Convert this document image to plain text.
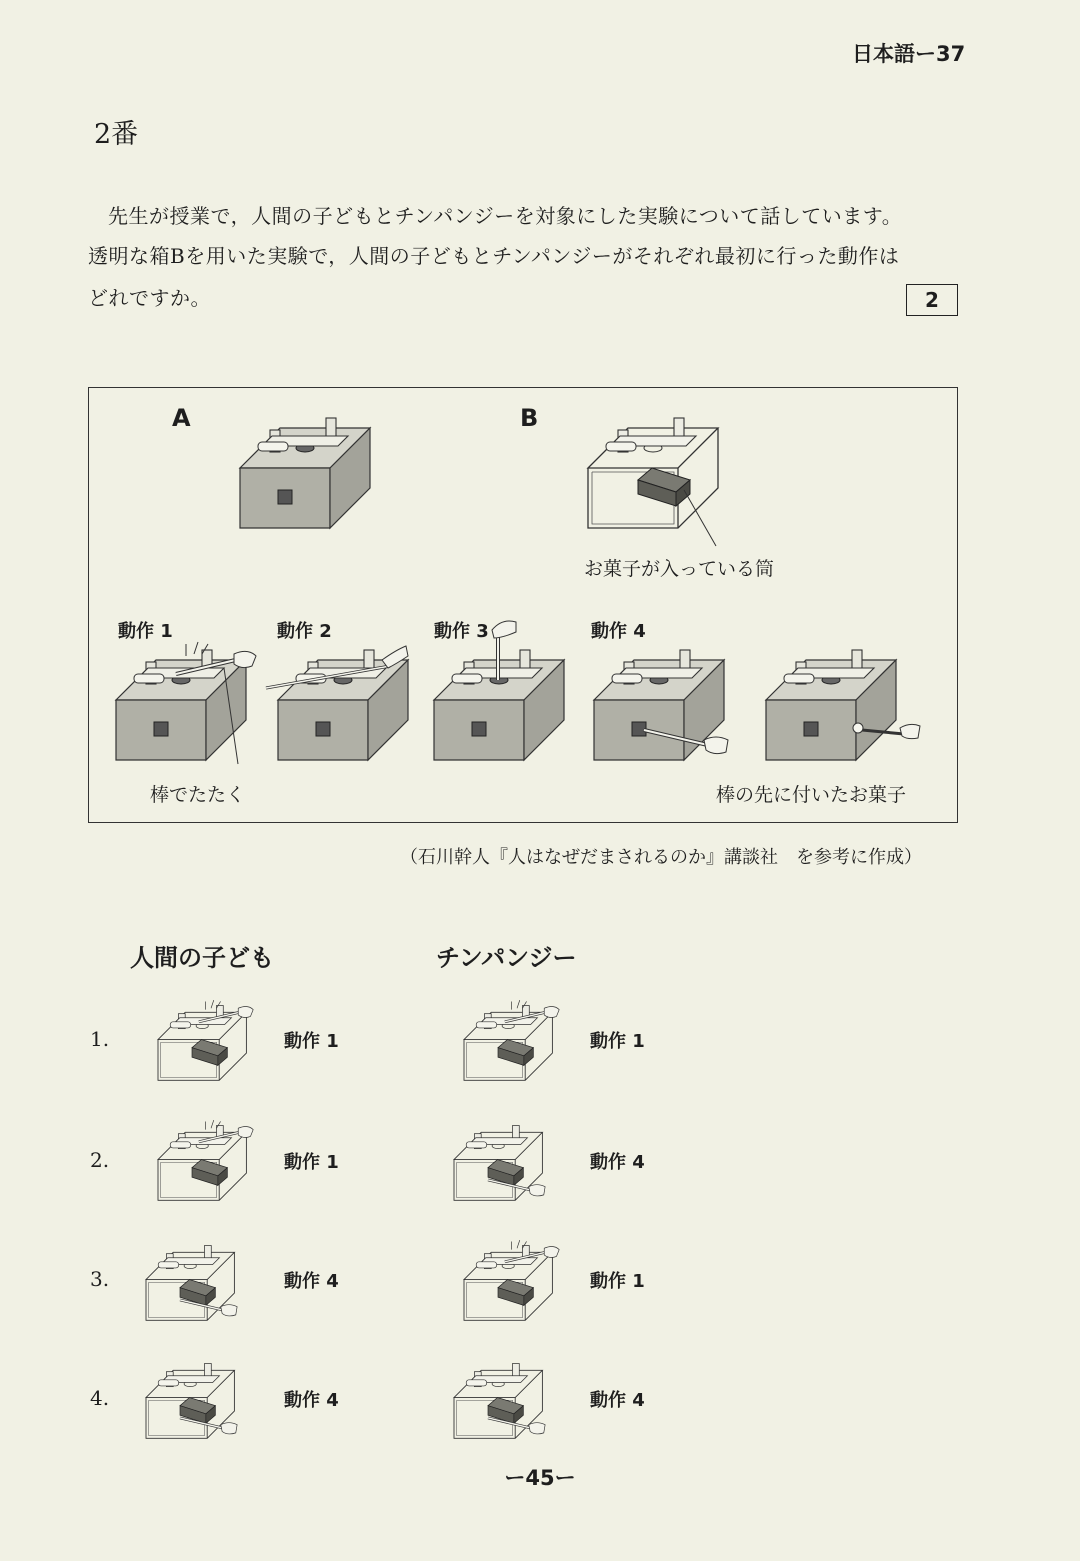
日本語ー37
2番
先生が授業で，人間の子どもとチンパンジーを対象にした実験について話しています。
透明な箱Bを用いた実験で，人間の子どもとチンパンジーがそれぞれ最初に行った動作は
どれですか。	2
A	B
お菓子が入っている筒
動作 1	動作 2	動作 3	動作 4
棒でたたく	棒の先に付いたお菓子
（石川幹人『人はなぜだまされるのか』講談社　を参考に作成）
人間の子ども	チンパンジー
1.	動作 1	動作 1
2.	動作 1	動作 4
3.	動作 4	動作 1
4.	動作 4	動作 4
ー45ー
